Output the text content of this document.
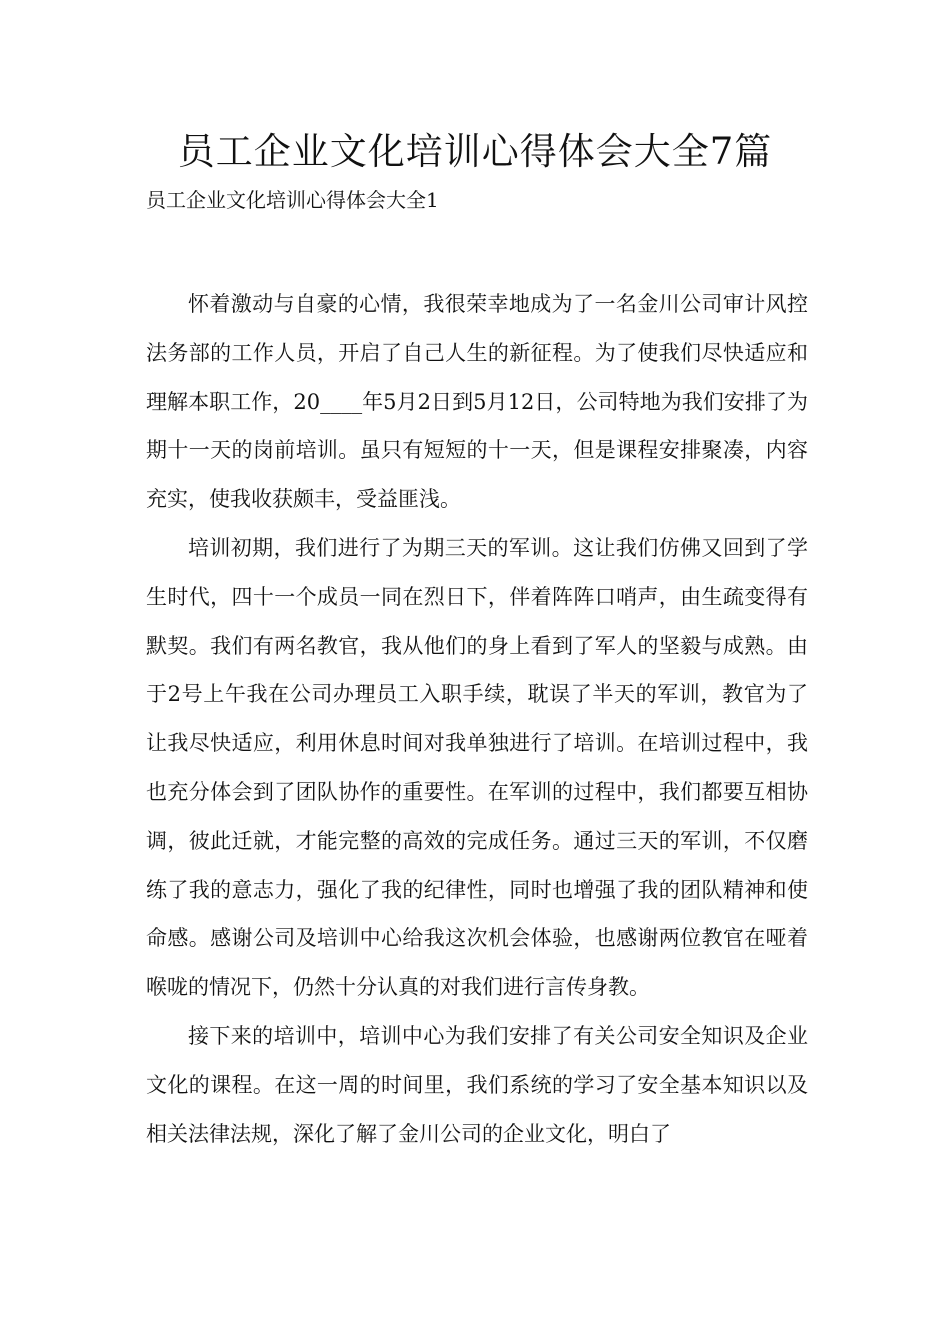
员工企业文化培训心得体会大全7篇
员工企业文化培训心得体会大全1

怀着激动与自豪的心情，我很荣幸地成为了一名金川公司审计风控法务部的工作人员，开启了自己人生的新征程。为了使我们尽快适应和理解本职工作，20____年5月2日到5月12日，公司特地为我们安排了为期十一天的岗前培训。虽只有短短的十一天，但是课程安排聚凑，内容充实，使我收获颇丰，受益匪浅。

培训初期，我们进行了为期三天的军训。这让我们仿佛又回到了学生时代，四十一个成员一同在烈日下，伴着阵阵口哨声，由生疏变得有默契。我们有两名教官，我从他们的身上看到了军人的坚毅与成熟。由于2号上午我在公司办理员工入职手续，耽误了半天的军训，教官为了让我尽快适应，利用休息时间对我单独进行了培训。在培训过程中，我也充分体会到了团队协作的重要性。在军训的过程中，我们都要互相协调，彼此迁就，才能完整的高效的完成任务。通过三天的军训，不仅磨练了我的意志力，强化了我的纪律性，同时也增强了我的团队精神和使命感。感谢公司及培训中心给我这次机会体验，也感谢两位教官在哑着喉咙的情况下，仍然十分认真的对我们进行言传身教。

接下来的培训中，培训中心为我们安排了有关公司安全知识及企业文化的课程。在这一周的时间里，我们系统的学习了安全基本知识以及相关法律法规，深化了解了金川公司的企业文化，明白了
